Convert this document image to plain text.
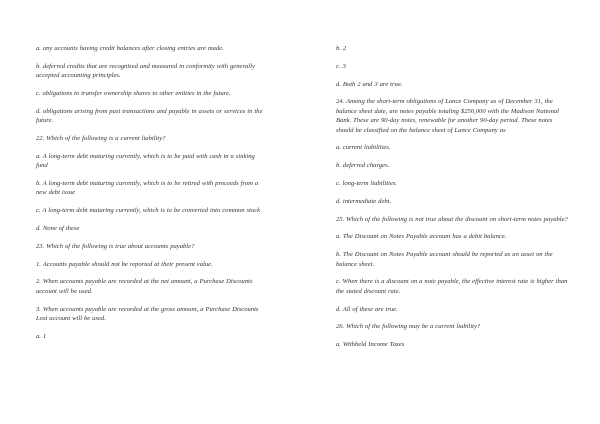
a. any accounts having credit balances after closing entries are made.

b. deferred credits that are recognized and measured in conformity with generally accepted accounting principles.

c. obligations to transfer ownership shares to other entities in the future.

d. obligations arising from past transactions and payable in assets or services in the future.

22. Which of the following is a current liability?

a. A long-term debt maturing currently, which is to be paid with cash in a sinking fund

b. A long-term debt maturing currently, which is to be retired with proceeds from a new debt issue

c. A long-term debt maturing currently, which is to be converted into common stock

d. None of these

23. Which of the following is true about accounts payable?

1. Accounts payable should not be reported at their present value.

2. When accounts payable are recorded at the net amount, a Purchase Discounts account will be used.

3. When accounts payable are recorded at the gross amount, a Purchase Discounts Lost account will be used.

a. 1

b. 2

c. 3

d. Both 2 and 3 are true.

24. Among the short-term obligations of Lance Company as of December 31, the balance sheet date, are notes payable totaling $250,000 with the Madison National Bank. These are 90-day notes, renewable for another 90-day period. These notes should be classified on the balance sheet of Lance Company as

a. current liabilities.

b. deferred charges.

c. long-term liabilities.

d. intermediate debt.

25. Which of the following is not true about the discount on short-term notes payable?

a. The Discount on Notes Payable account has a debit balance.

b. The Discount on Notes Payable account should be reported as an asset on the balance sheet.

c. When there is a discount on a note payable, the effective interest rate is higher than the stated discount rate.

d. All of these are true.

26. Which of the following may be a current liability?

a. Withheld Income Taxes
